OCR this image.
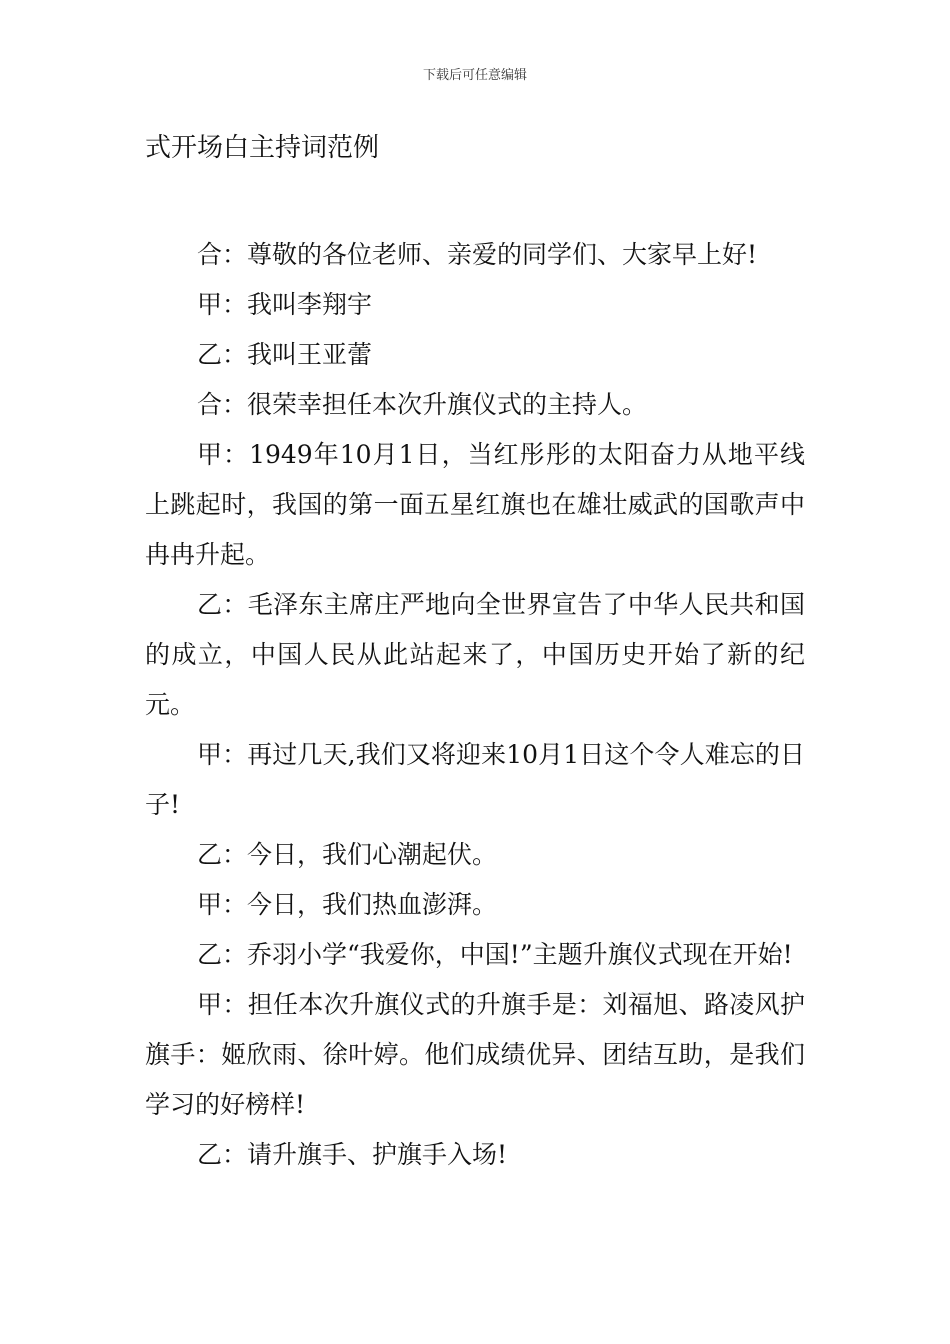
下载后可任意编辑
式开场白主持词范例

合：尊敬的各位老师、亲爱的同学们、大家早上好!

甲：我叫李翔宇

乙：我叫王亚蕾

合：很荣幸担任本次升旗仪式的主持人。

甲：1949年10月1日，当红彤彤的太阳奋力从地平线上跳起时，我国的第一面五星红旗也在雄壮威武的国歌声中冉冉升起。

乙：毛泽东主席庄严地向全世界宣告了中华人民共和国的成立，中国人民从此站起来了，中国历史开始了新的纪元。

甲：再过几天,我们又将迎来10月1日这个令人难忘的日子!

乙：今日，我们心潮起伏。

甲：今日，我们热血澎湃。

乙：乔羽小学“我爱你，中国!”主题升旗仪式现在开始!

甲：担任本次升旗仪式的升旗手是：刘福旭、路凌风护旗手：姬欣雨、徐叶婷。他们成绩优异、团结互助，是我们学习的好榜样!

乙：请升旗手、护旗手入场!
